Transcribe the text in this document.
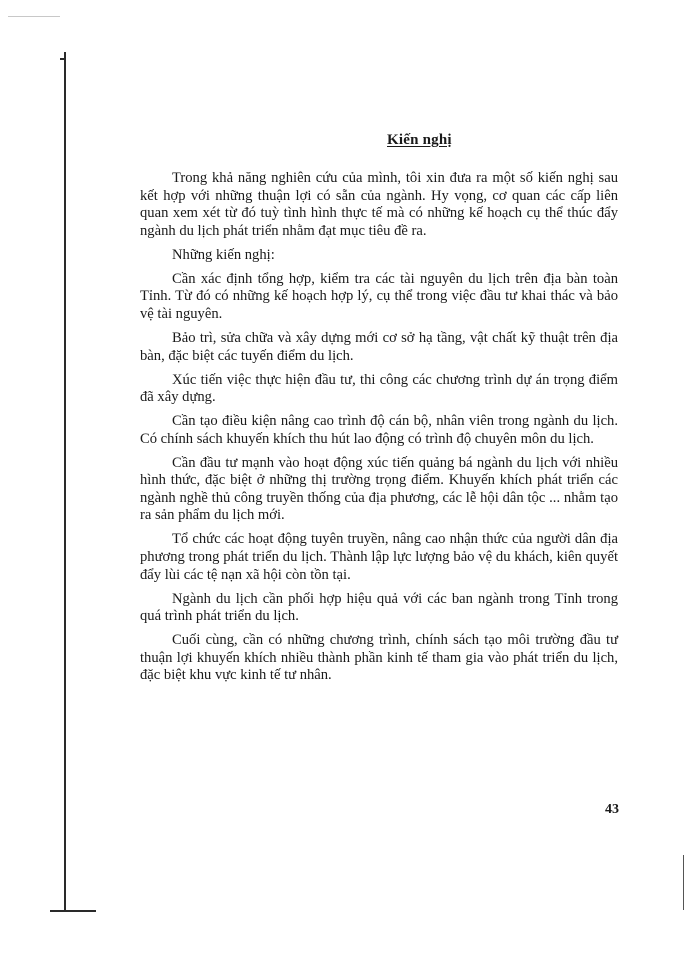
Kiến nghị

Trong khả năng nghiên cứu của mình, tôi xin đưa ra một số kiến nghị sau kết hợp với những thuận lợi có sẵn của ngành. Hy vọng, cơ quan các cấp liên quan xem xét từ đó tuỳ tình hình thực tế mà có những kế hoạch cụ thể thúc đẩy ngành du lịch phát triển nhằm đạt mục tiêu đề ra.

Những kiến nghị:

Cần xác định tổng hợp, kiểm tra các tài nguyên du lịch trên địa bàn toàn Tỉnh. Từ đó có những kế hoạch hợp lý, cụ thể trong việc đầu tư khai thác và bảo vệ tài nguyên.

Bảo trì, sửa chữa và xây dựng mới cơ sở hạ tầng, vật chất kỹ thuật trên địa bàn, đặc biệt các tuyến điểm du lịch.

Xúc tiến việc thực hiện đầu tư, thi công các chương trình dự án trọng điểm đã xây dựng.

Cần tạo điều kiện nâng cao trình độ cán bộ, nhân viên trong ngành du lịch. Có chính sách khuyến khích thu hút lao động có trình độ chuyên môn du lịch.

Cần đầu tư mạnh vào hoạt động xúc tiến quảng bá ngành du lịch với nhiều hình thức, đặc biệt ở những thị trường trọng điểm. Khuyến khích phát triển các ngành nghề thủ công truyền thống của địa phương, các lễ hội dân tộc ... nhằm tạo ra sản phẩm du lịch mới.

Tổ chức các hoạt động tuyên truyền, nâng cao nhận thức của người dân địa phương trong phát triển du lịch. Thành lập lực lượng bảo vệ du khách, kiên quyết đẩy lùi các tệ nạn xã hội còn tồn tại.

Ngành du lịch cần phối hợp hiệu quả với các ban ngành trong Tỉnh trong quá trình phát triển du lịch.

Cuối cùng, cần có những chương trình, chính sách tạo môi trường đầu tư thuận lợi khuyến khích nhiều thành phần kinh tế tham gia vào phát triển du lịch, đặc biệt khu vực kinh tế tư nhân.

43
